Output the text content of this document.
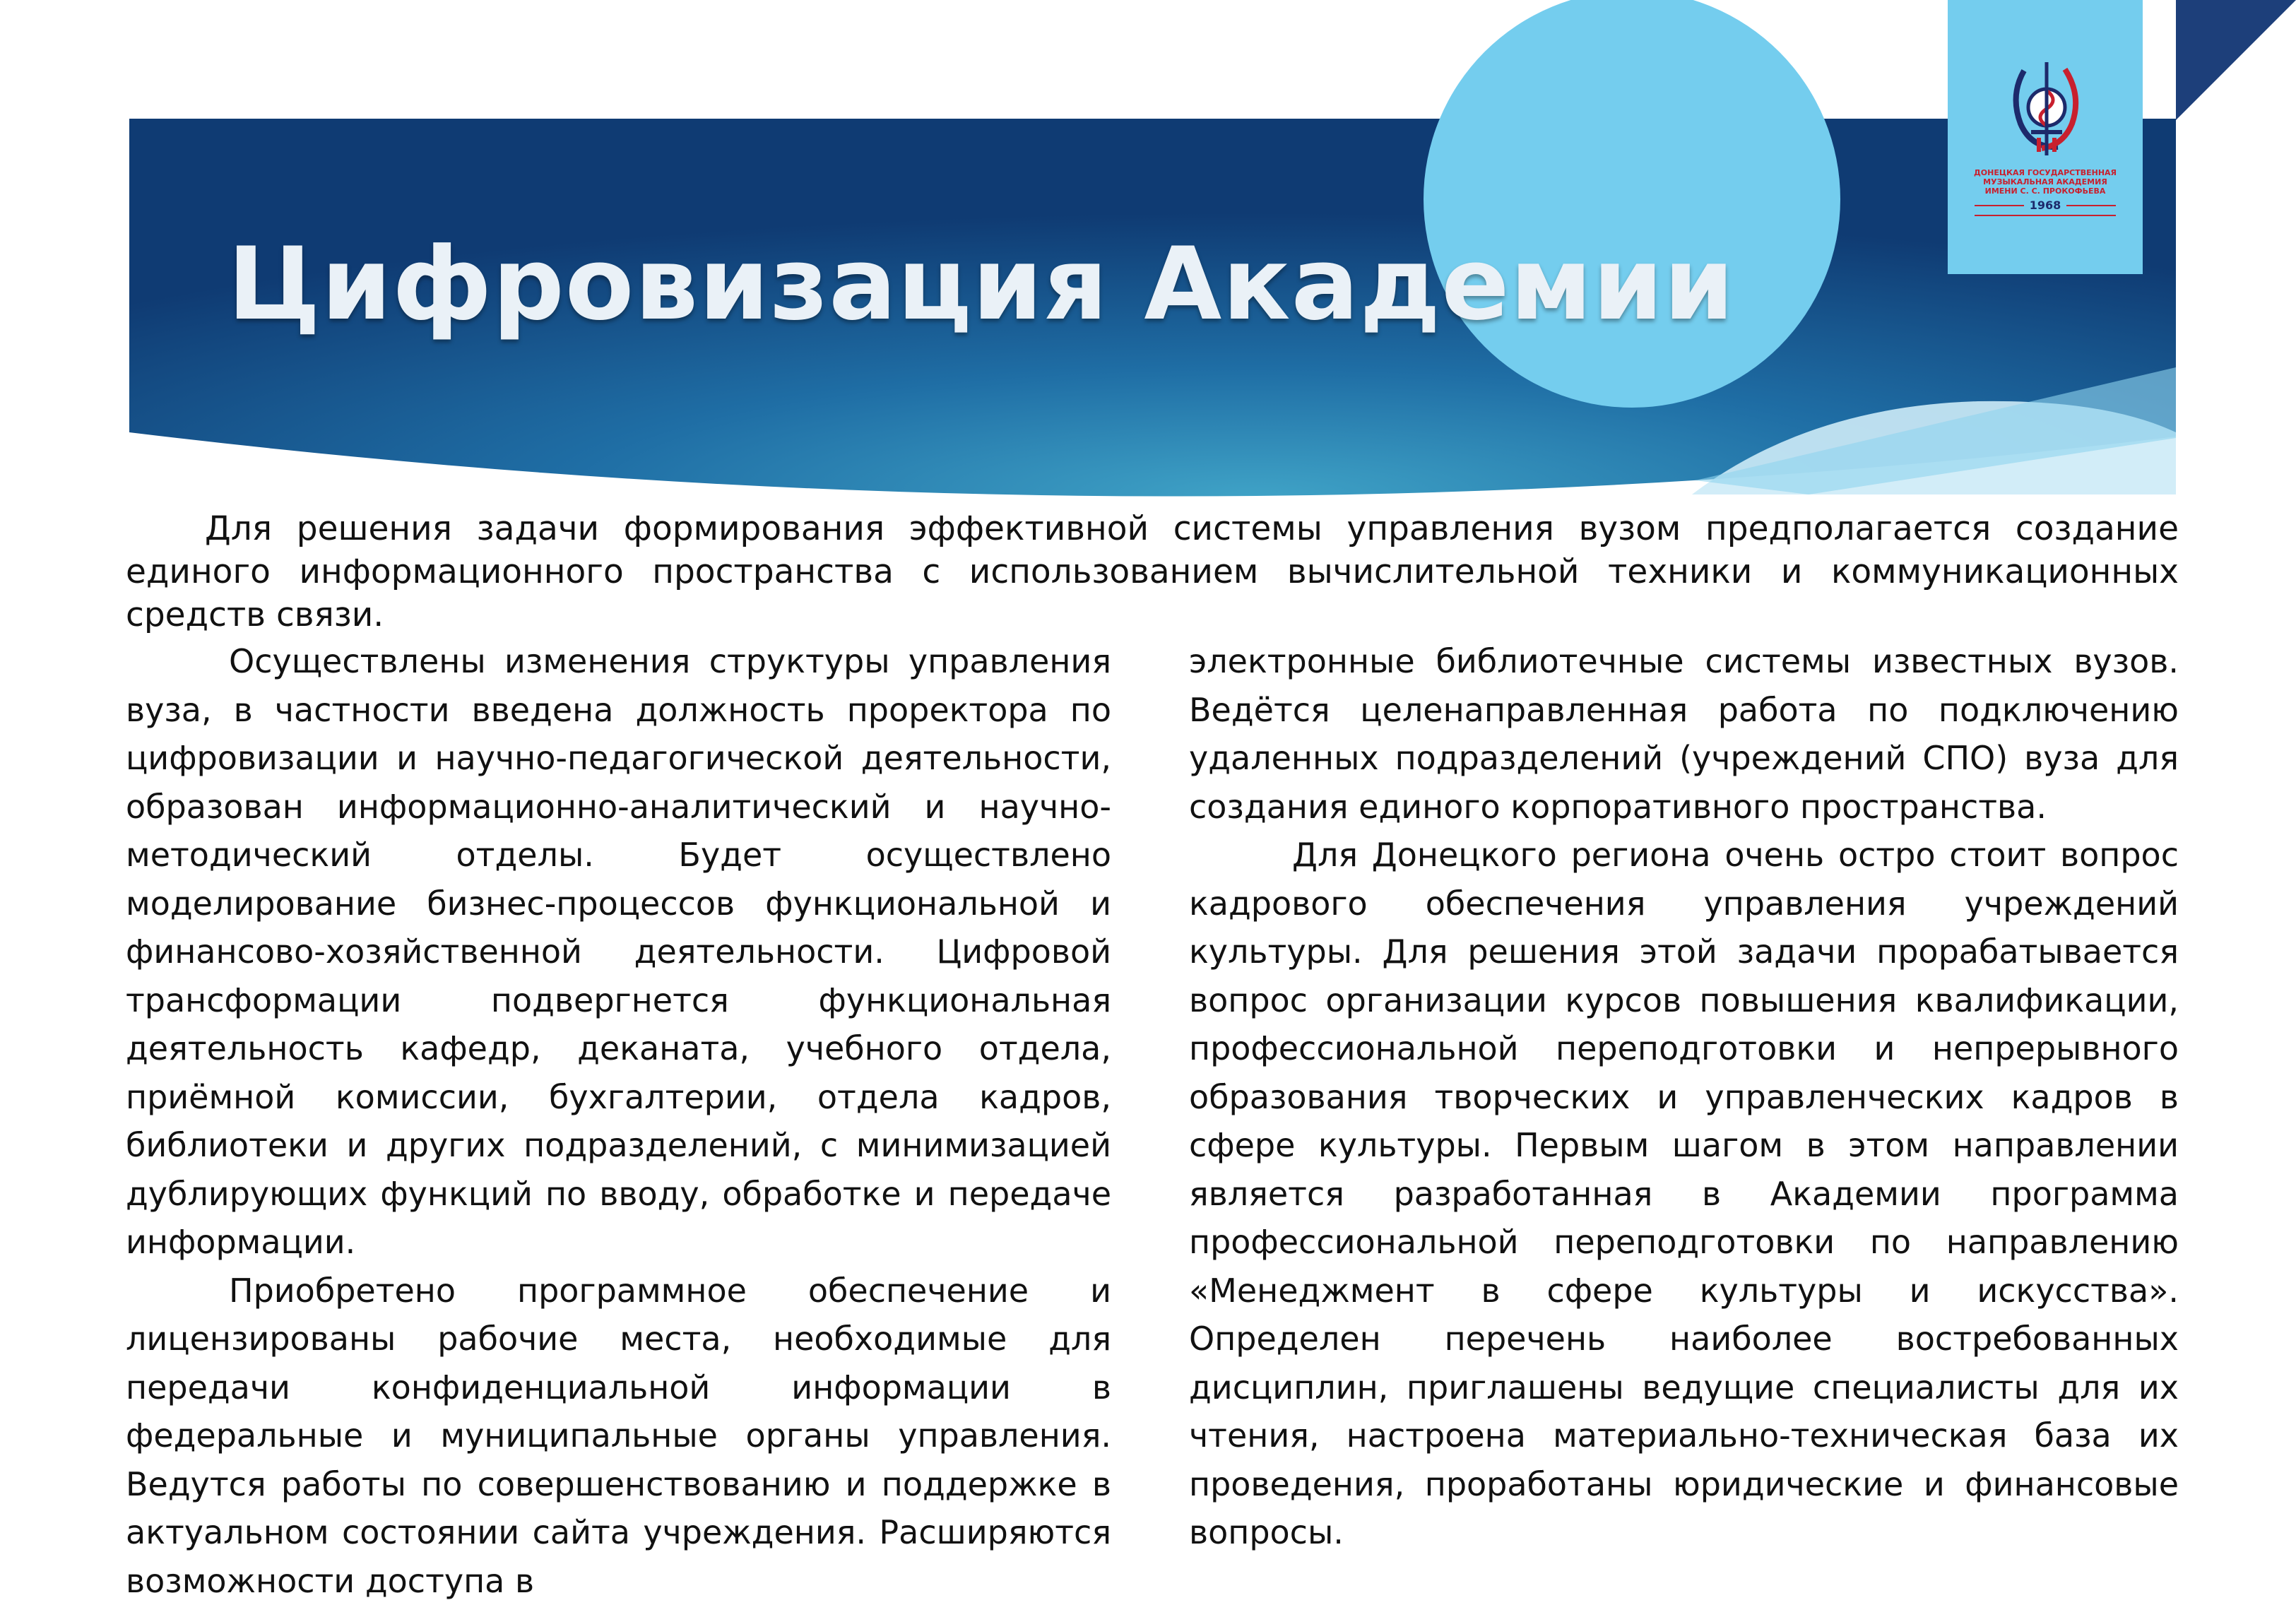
ДОНЕЦКАЯ ГОСУДАРСТВЕННАЯ МУЗЫКАЛЬНАЯ АКАДЕМИЯ ИМЕНИ С. С. ПРОКОФЬЕВА
1968
Цифровизация Академии

Для решения задачи формирования эффективной системы управления вузом предполагается создание единого информационного пространства с использованием вычислительной техники и коммуникационных средств связи.

Осуществлены изменения структуры управления вуза, в частности введена должность проректора по цифровизации и научно-педагогической деятельности, образован информационно-аналитический и научно-методический отделы. Будет осуществлено моделирование бизнес-процессов функциональной и финансово-хозяйственной деятельности. Цифровой трансформации подвергнется функциональная деятельность кафедр, деканата, учебного отдела, приёмной комиссии, бухгалтерии, отдела кадров, библиотеки и других подразделений, с минимизацией дублирующих функций по вводу, обработке и передаче информации.

Приобретено программное обеспечение и лицензированы рабочие места, необходимые для передачи конфиденциальной информации в федеральные и муниципальные органы управления. Ведутся работы по совершенствованию и поддержке в актуальном состоянии сайта учреждения. Расширяются возможности доступа в

электронные библиотечные системы известных вузов. Ведётся целенаправленная работа по подключению удаленных подразделений (учреждений СПО) вуза для создания единого корпоративного пространства.

Для Донецкого региона очень остро стоит вопрос кадрового обеспечения управления учреждений культуры. Для решения этой задачи прорабатывается вопрос организации курсов повышения квалификации, профессиональной переподготовки и непрерывного образования творческих и управленческих кадров в сфере культуры. Первым шагом в этом направлении является разработанная в Академии программа профессиональной переподготовки по направлению «Менеджмент в сфере культуры и искусства». Определен перечень наиболее востребованных дисциплин, приглашены ведущие специалисты для их чтения, настроена материально-техническая база их проведения, проработаны юридические и финансовые вопросы.
